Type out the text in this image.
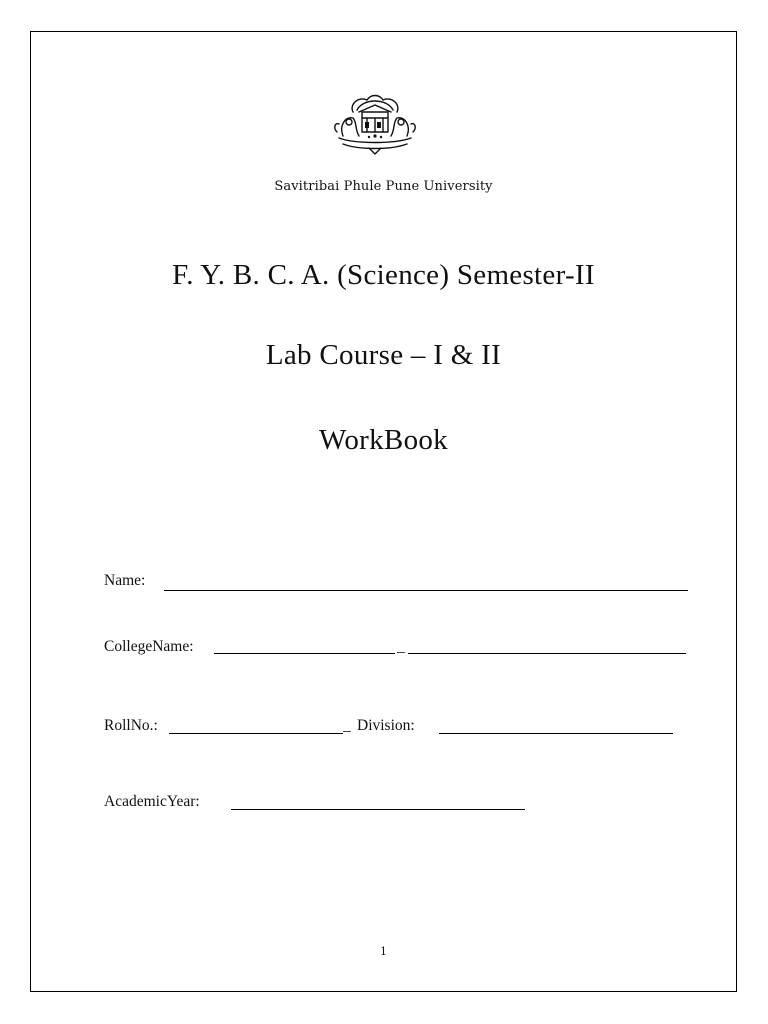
Savitribai Phule Pune University
F. Y. B. C. A. (Science) Semester-II
Lab Course – I & II
WorkBook
Name:
CollegeName:	_
RollNo.:	_ Division:
AcademicYear:
1
